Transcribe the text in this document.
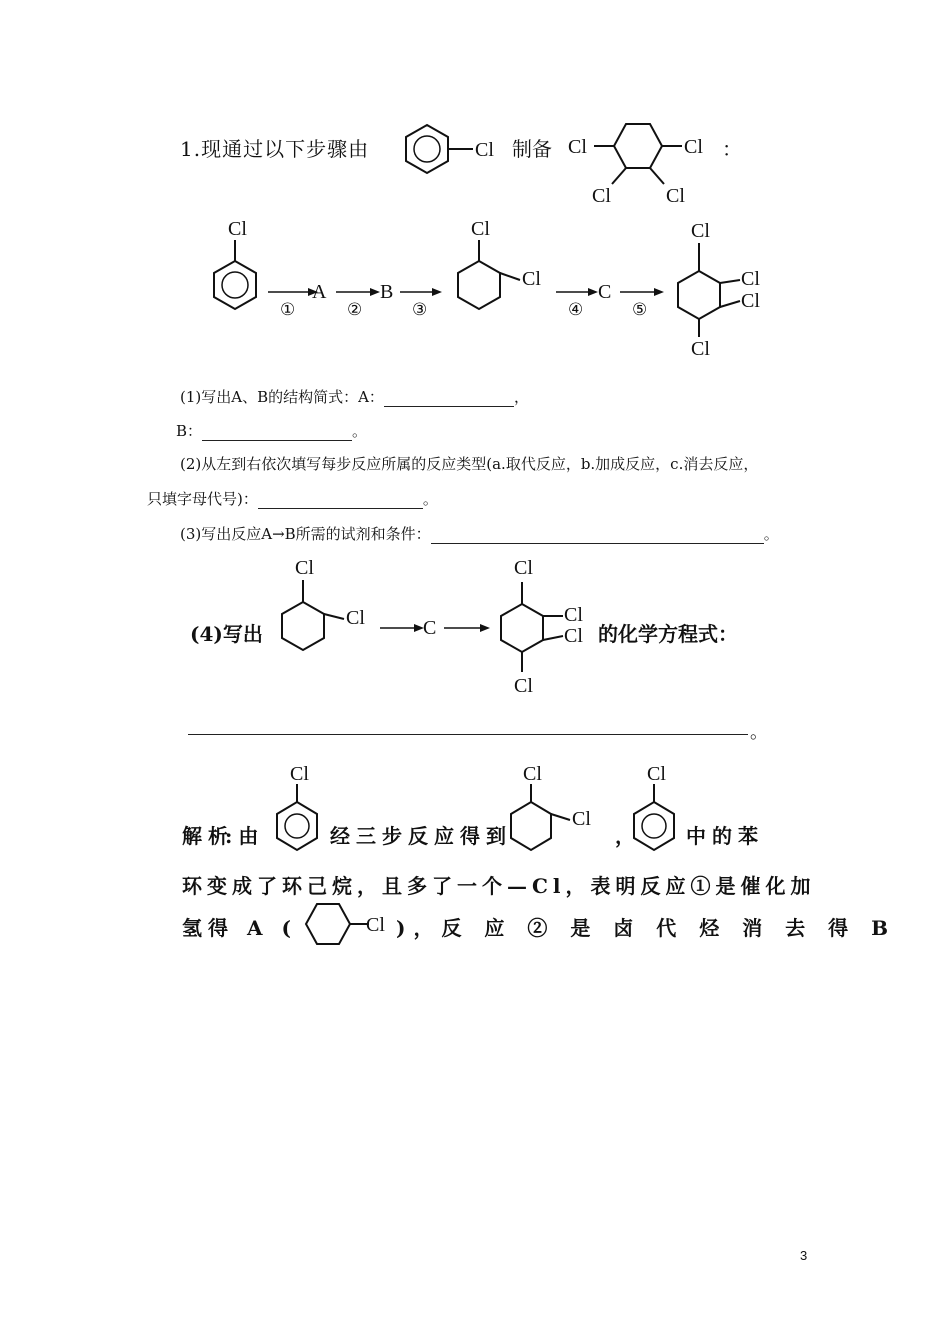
1.现通过以下步骤由	Cl 制备 Cl	Cl
Cl	Cl
：
Cl
①
A
②
B
③
Cl
Cl
④
C
⑤
Cl
Cl
Cl
Cl
(1)写出A、B的结构简式：A：	，
B：	。
(2)从左到右依次填写每步反应所属的反应类型(a.取代反应，b.加成反应，c.消去反应，
只填字母代号)：	。
(3)写出反应A→B所需的试剂和条件：	。
(4)写出
Cl
Cl	C
Cl
Cl
Cl
Cl
的化学方程式：
。
解析
:由
Cl
经三步反应得到
Cl
Cl
，
Cl
中的苯
环变成了环己烷，且多了一个—Cl，表明反应①是催化加
氢得 A (	Cl )，反 应 ② 是 卤 代 烃 消 去 得 B
3
